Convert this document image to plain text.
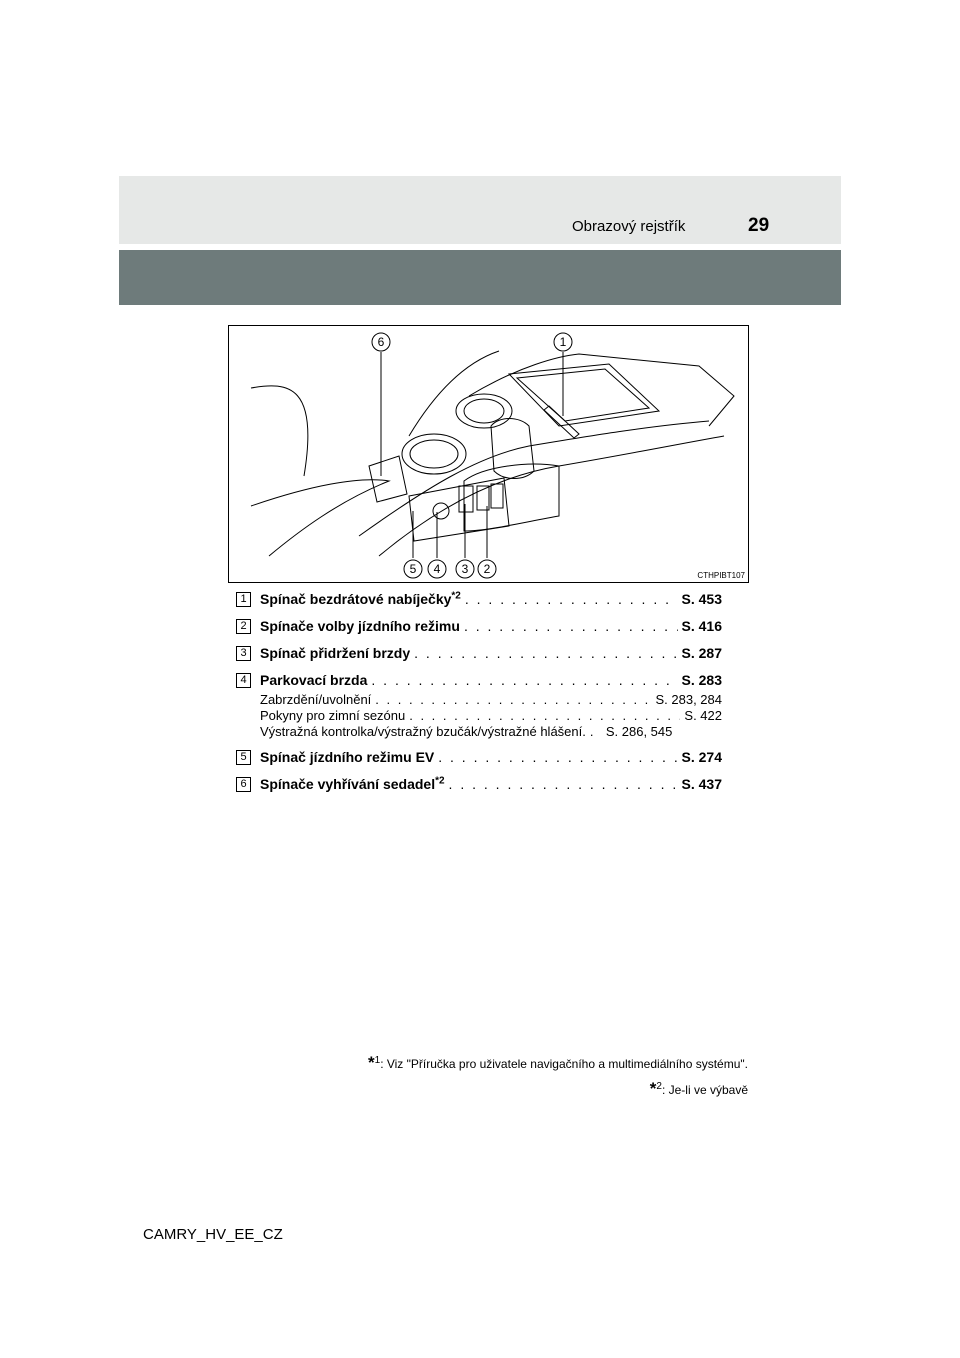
Obrazový rejstřík	29
6	1
5 4 3 2	CTHPIBT107
1 Spínač bezdrátové nabíječky$^{*2}$ . . .	S. 453
2 Spínače volby jízdního režimu . . .	S. 416
3 Spínač přidržení brzdy . . .	S. 287
4 Parkovací brzda . . .	S. 283
Zabrzdění/uvolnění . . .	S. 283, 284
Pokyny pro zimní sezónu . . .	S. 422
Výstražná kontrolka/výstražný bzučák/výstražné hlášení. . . . S. 286, 545
5 Spínač jízdního režimu EV . . .	S. 274
6 Spínače vyhřívání sedadel$^{*2}$ . . .	S. 437
*$^1$: Viz "Příručka pro uživatele navigačního a multimediálního systému".
*$^2$: Je-li ve výbavě
CAMRY_HV_EE_CZ
